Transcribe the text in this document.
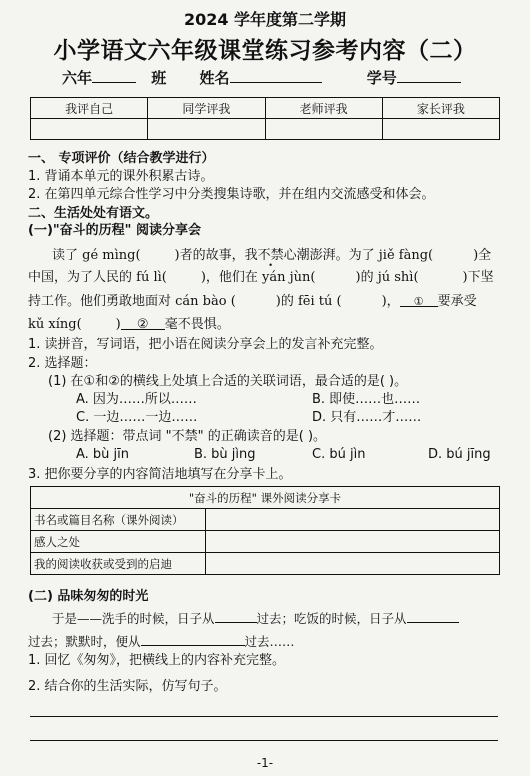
2024 学年度第二学期
小学语文六年级课堂练习参考内容（二）
六年	班 姓名	学号
我评自己	同学评我	老师评我	家长评我

一、 专项评价（结合教学进行）
1. 背诵本单元的课外积累古诗。
2. 在第四单元综合性学习中分类搜集诗歌，并在组内交流感受和体会。
二、生活处处有语文。
(一)"奋斗的历程" 阅读分享会
读了 gé mìng(	)者的故事，我不禁心潮澎湃。为了 jiě fàng(	)全
中国，为了人民的 fú lì(	)，他们在 yán jùn(	)的 jú shì(	)下坚
持工作。他们勇敢地面对 cán bào (	)的 fēi tú (	)， ① 要承受
kǔ xíng(	) ② 毫不畏惧。
1. 读拼音，写词语，把小语在阅读分享会上的发言补充完整。
2. 选择题：
(1) 在①和②的横线上处填上合适的关联词语，最合适的是( )。
A. 因为……所以……	B. 即使……也……
C. 一边……一边……	D. 只有……才……
(2) 选择题：带点词 "不禁" 的正确读音的是( )。
A. bù jīn	B. bù jìng	C. bú jìn	D. bú jīng
3. 把你要分享的内容简洁地填写在分享卡上。
"奋斗的历程" 课外阅读分享卡	
书名或篇目名称（课外阅读）	
感人之处	
我的阅读收获或受到的启迪	
(二) 品味匆匆的时光
于是——洗手的时候，日子从	过去；吃饭的时候，日子从
过去；默默时，便从	过去……
1. 回忆《匆匆》，把横线上的内容补充完整。
2. 结合你的生活实际，仿写句子。
-1-
